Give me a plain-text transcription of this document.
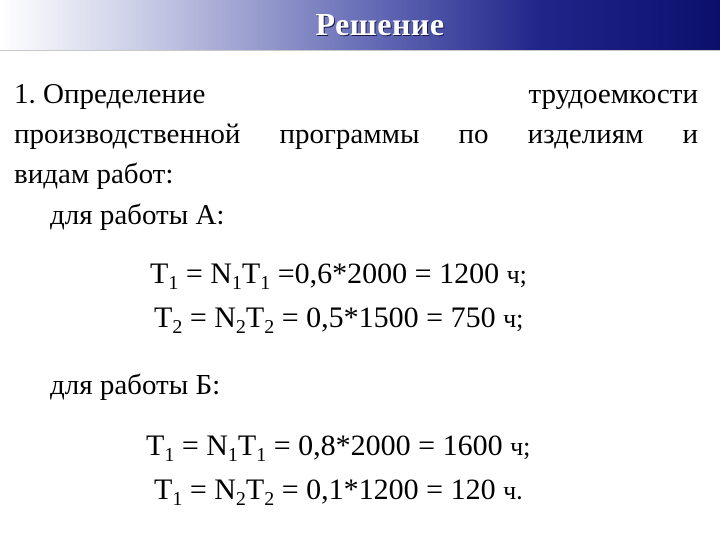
Решение
1. Определение	трудоемкости
производственной программы по изделиям и
видам работ:
для работы А:
$T_1 = N_1T_1 =0,6*2000 = 1200$ ч;
$T_2 = N_2T_2 = 0,5*1500 = 750$ ч;
для работы Б:
$T_1 = N_1T_1 = 0,8*2000 = 1600$ ч;
$T_1 = N_2T_2 = 0,1*1200 = 120$ ч.
